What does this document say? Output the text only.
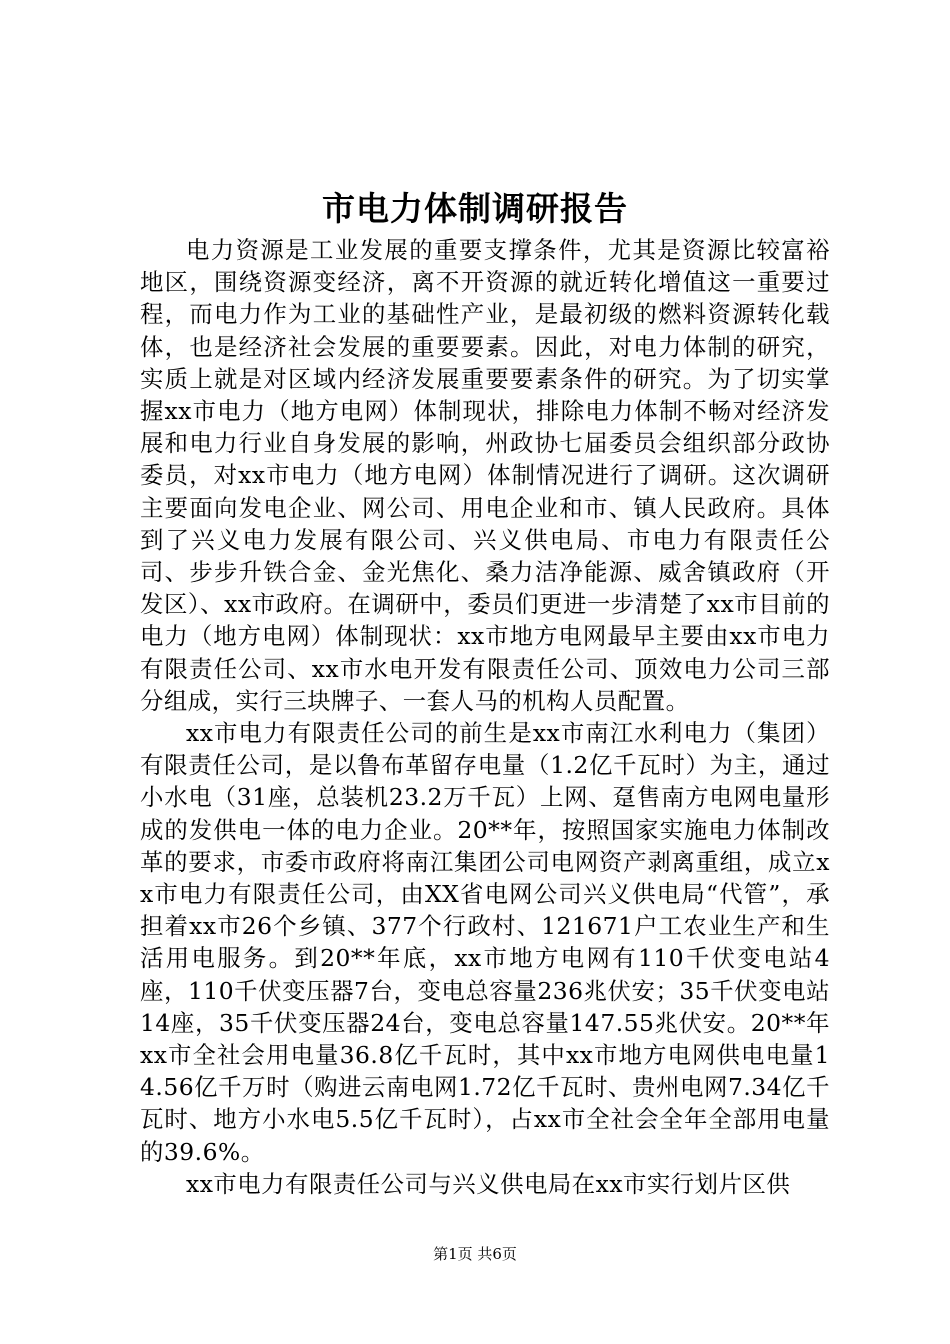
市电力体制调研报告

电力资源是工业发展的重要支撑条件，尤其是资源比较富裕地区，围绕资源变经济，离不开资源的就近转化增值这一重要过程，而电力作为工业的基础性产业，是最初级的燃料资源转化载体，也是经济社会发展的重要要素。因此，对电力体制的研究，实质上就是对区域内经济发展重要要素条件的研究。为了切实掌握xx市电力（地方电网）体制现状，排除电力体制不畅对经济发展和电力行业自身发展的影响，州政协七届委员会组织部分政协委员，对xx市电力（地方电网）体制情况进行了调研。这次调研主要面向发电企业、网公司、用电企业和市、镇人民政府。具体到了兴义电力发展有限公司、兴义供电局、市电力有限责任公司、步步升铁合金、金光焦化、桑力洁净能源、威舍镇政府（开发区）、xx市政府。在调研中，委员们更进一步清楚了xx市目前的电力（地方电网）体制现状：xx市地方电网最早主要由xx市电力有限责任公司、xx市水电开发有限责任公司、顶效电力公司三部分组成，实行三块牌子、一套人马的机构人员配置。

xx市电力有限责任公司的前生是xx市南江水利电力（集团）有限责任公司，是以鲁布革留存电量（1.2亿千瓦时）为主，通过小水电（31座，总装机23.2万千瓦）上网、趸售南方电网电量形成的发供电一体的电力企业。20**年，按照国家实施电力体制改革的要求，市委市政府将南江集团公司电网资产剥离重组，成立xx市电力有限责任公司，由XX省电网公司兴义供电局“代管”，承担着xx市26个乡镇、377个行政村、121671户工农业生产和生活用电服务。到20**年底，xx市地方电网有110千伏变电站4座，110千伏变压器7台，变电总容量236兆伏安；35千伏变电站14座，35千伏变压器24台，变电总容量147.55兆伏安。20**年xx市全社会用电量36.8亿千瓦时，其中xx市地方电网供电电量14.56亿千万时（购进云南电网1.72亿千瓦时、贵州电网7.34亿千瓦时、地方小水电5.5亿千瓦时），占xx市全社会全年全部用电量的39.6%。

xx市电力有限责任公司与兴义供电局在xx市实行划片区供

第1页 共6页
